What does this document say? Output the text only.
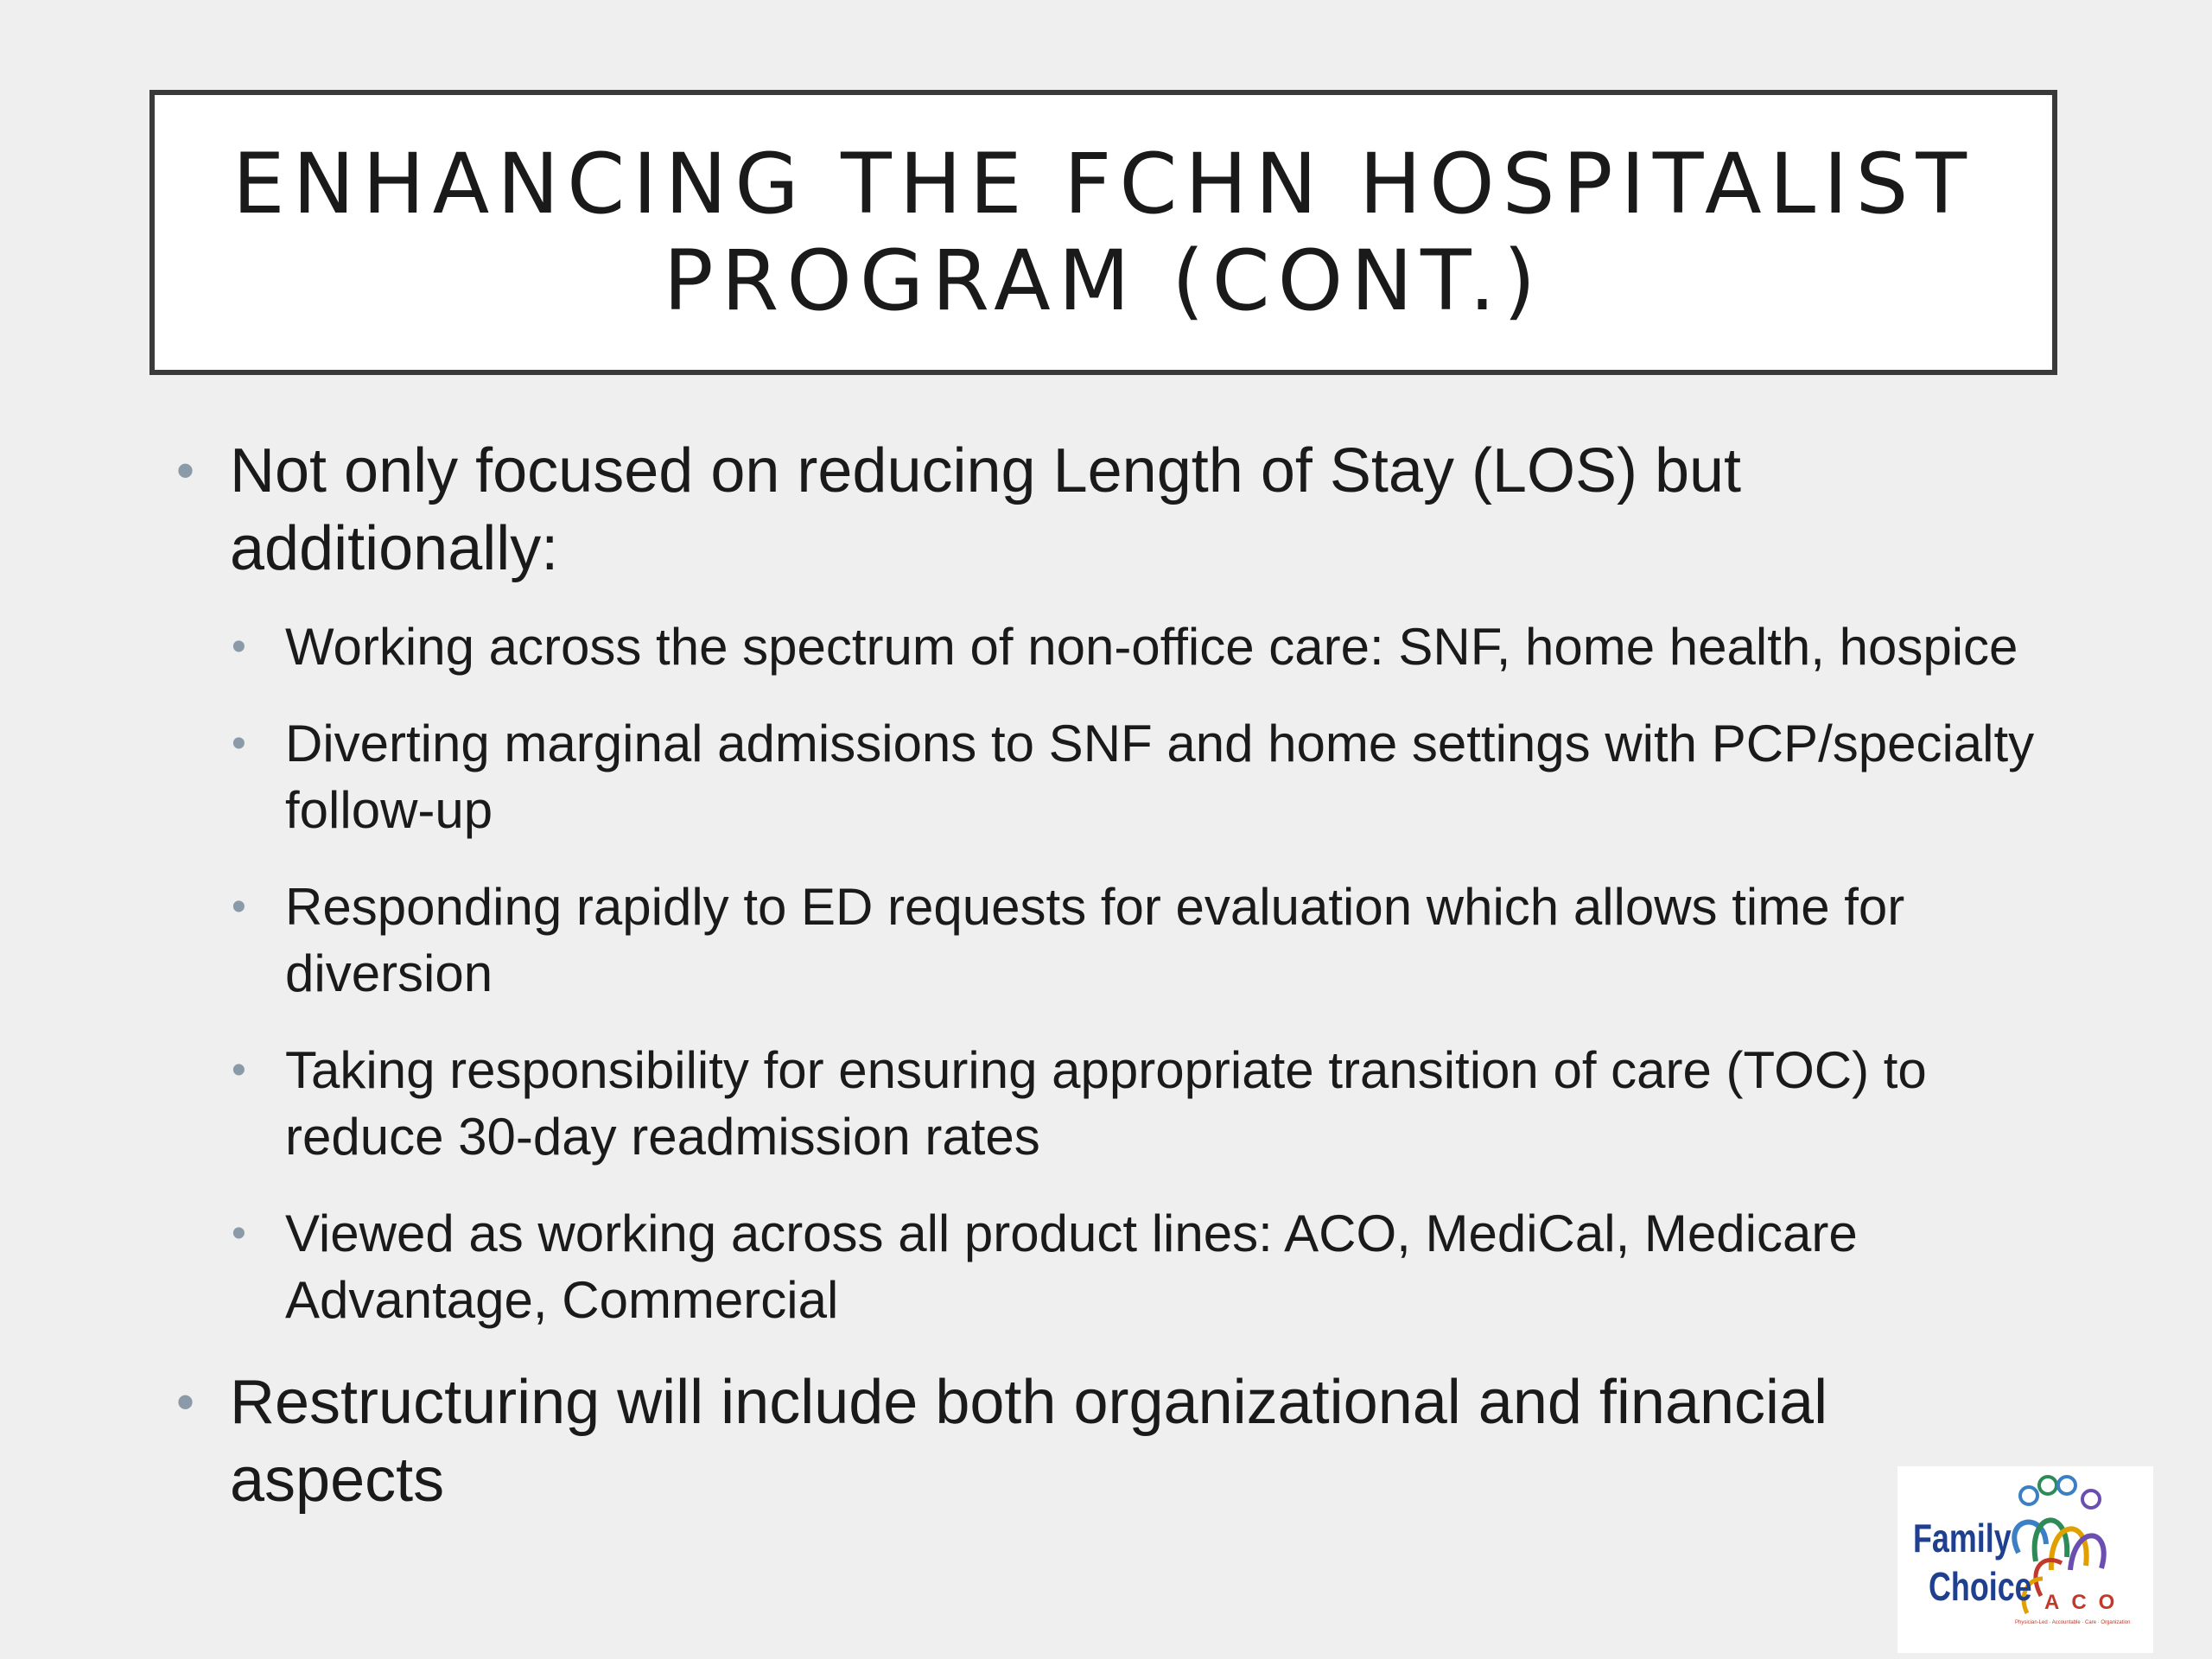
ENHANCING THE FCHN HOSPITALIST
PROGRAM (CONT.)
• Not only focused on reducing Length of Stay (LOS) but additionally:
• Working across the spectrum of non-office care: SNF, home health, hospice
• Diverting marginal admissions to SNF and home settings with PCP/specialty follow-up
• Responding rapidly to ED requests for evaluation which allows time for diversion
• Taking responsibility for ensuring appropriate transition of care (TOC) to reduce 30-day readmission rates
• Viewed as working across all product lines: ACO, MediCal, Medicare Advantage, Commercial
• Restructuring will include both organizational and financial aspects
Family
Choice ACO
Physician-Led · Accountable · Care · Organization
